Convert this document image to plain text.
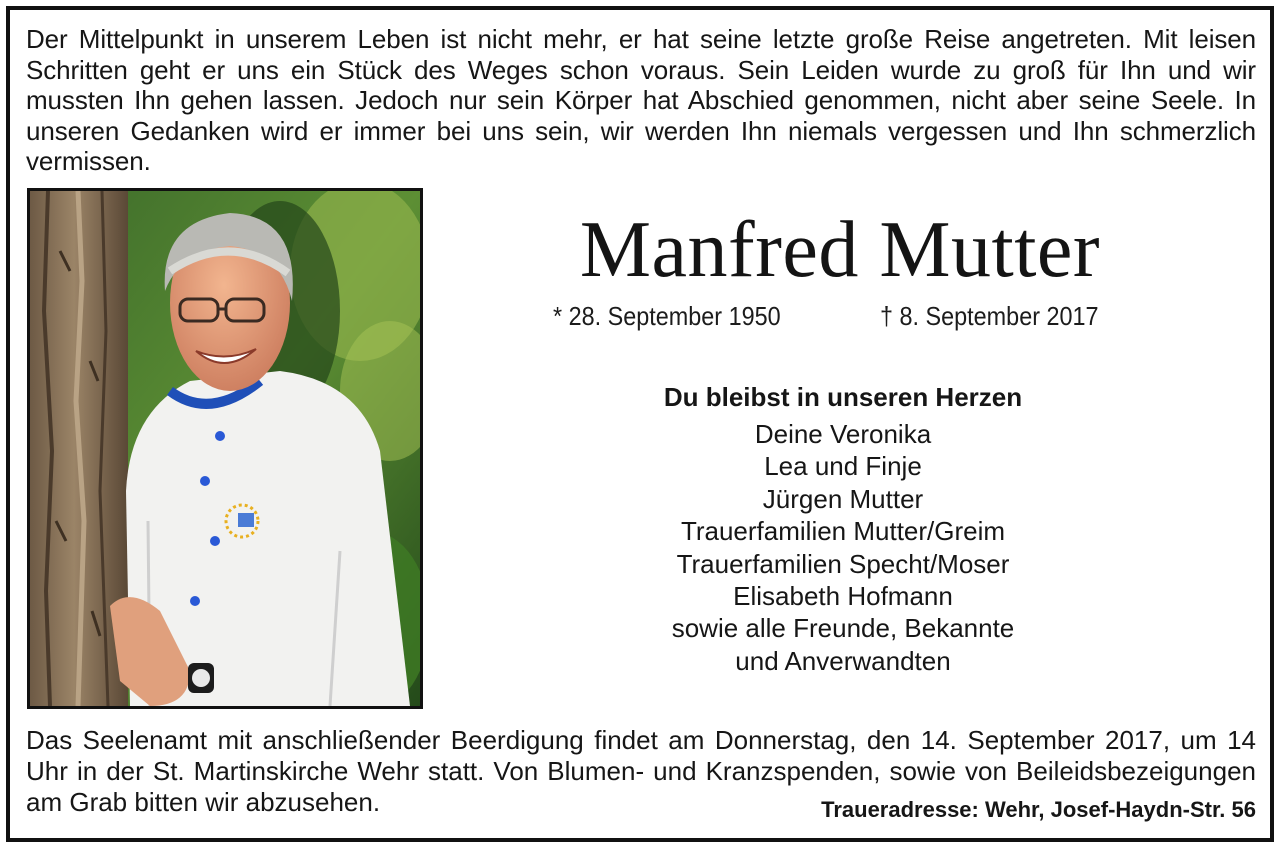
Der Mittelpunkt in unserem Leben ist nicht mehr, er hat seine letzte große Reise angetreten. Mit leisen Schritten geht er uns ein Stück des Weges schon voraus. Sein Leiden wurde zu groß für Ihn und wir mussten Ihn gehen lassen. Jedoch nur sein Körper hat Abschied genommen, nicht aber seine Seele. In unseren Gedanken wird er immer bei uns sein, wir werden Ihn niemals vergessen und Ihn schmerzlich vermissen.

Manfred Mutter
* 28. September 1950	† 8. September 2017
Du bleibst in unseren Herzen
Deine Veronika
Lea und Finje
Jürgen Mutter
Trauerfamilien Mutter/Greim
Trauerfamilien Specht/Moser
Elisabeth Hofmann
sowie alle Freunde, Bekannte
und Anverwandten

Das Seelenamt mit anschließender Beerdigung findet am Donnerstag, den 14. September 2017, um 14 Uhr in der St. Martinskirche Wehr statt. Von Blumen- und Kranzspenden, sowie von Beileidsbezeigungen am Grab bitten wir abzusehen.	Traueradresse: Wehr, Josef-Haydn-Str. 56
